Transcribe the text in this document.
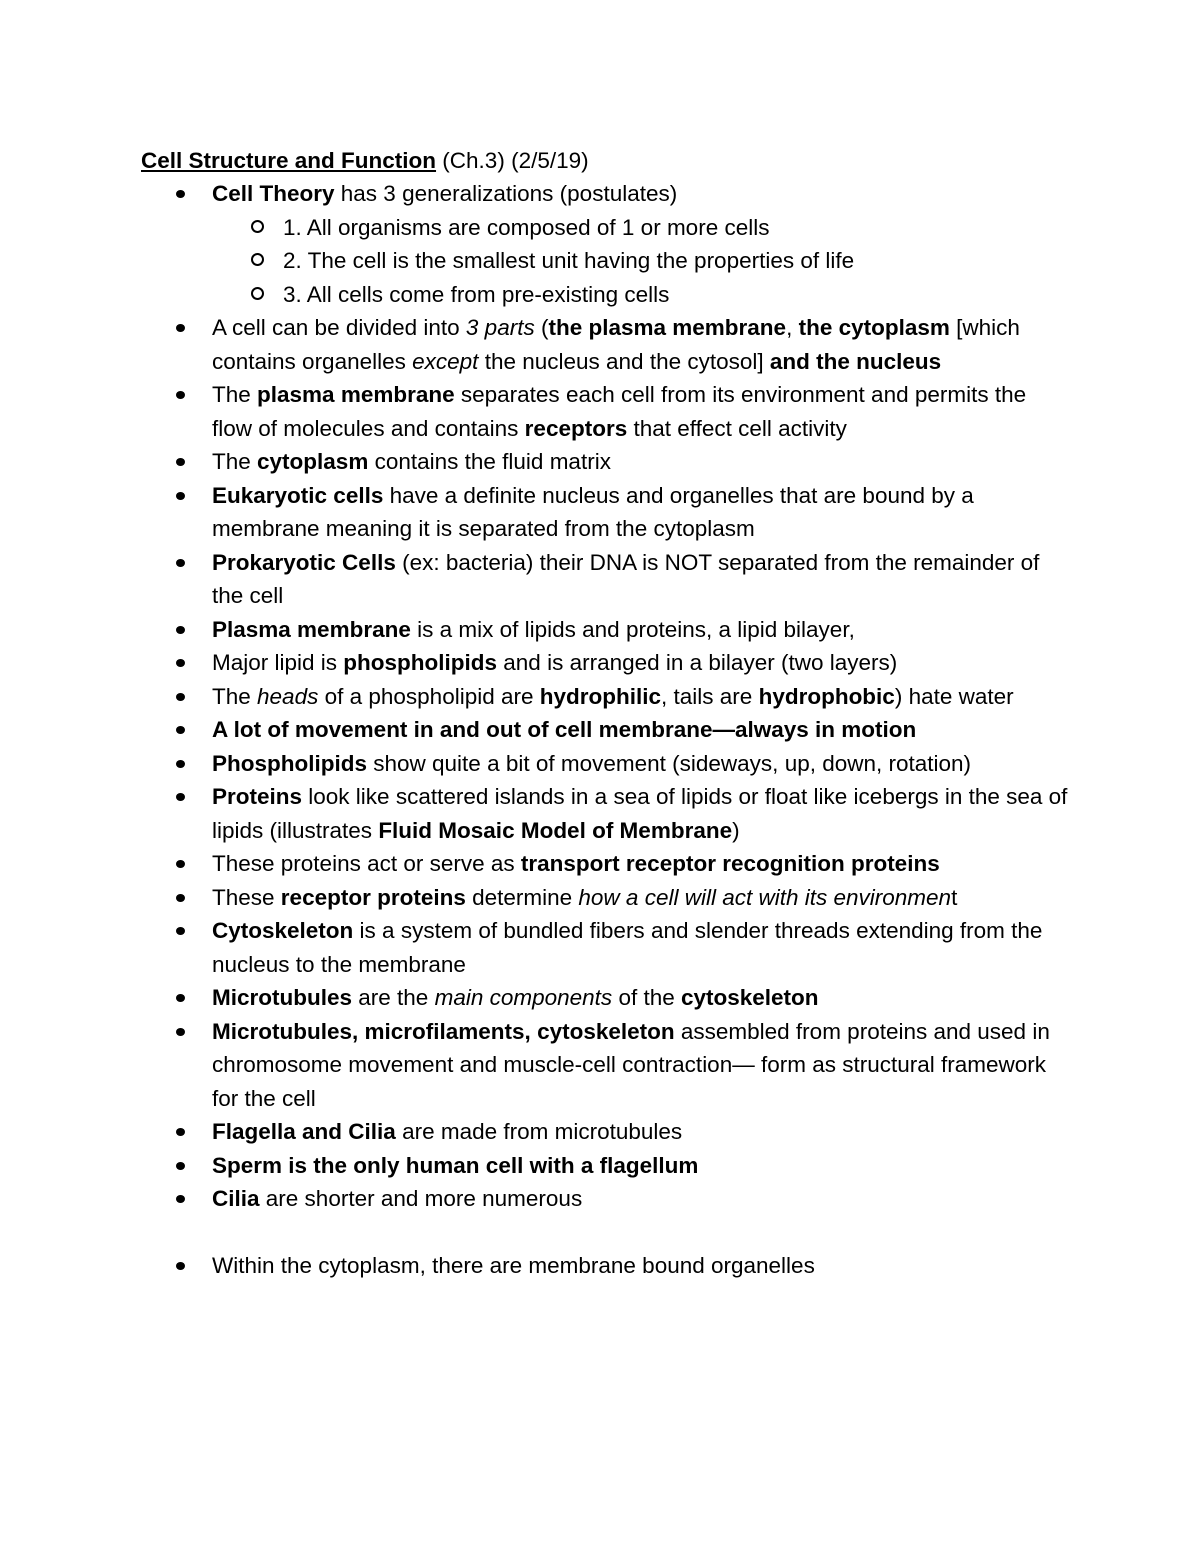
Cell Structure and Function (Ch.3) (2/5/19)
Cell Theory has 3 generalizations (postulates)
1. All organisms are composed of 1 or more cells
2. The cell is the smallest unit having the properties of life
3. All cells come from pre-existing cells
A cell can be divided into 3 parts (the plasma membrane, the cytoplasm [which contains organelles except the nucleus and the cytosol] and the nucleus
The plasma membrane separates each cell from its environment and permits the flow of molecules and contains receptors that effect cell activity
The cytoplasm contains the fluid matrix
Eukaryotic cells have a definite nucleus and organelles that are bound by a membrane meaning it is separated from the cytoplasm
Prokaryotic Cells (ex: bacteria) their DNA is NOT separated from the remainder of the cell
Plasma membrane is a mix of lipids and proteins, a lipid bilayer,
Major lipid is phospholipids and is arranged in a bilayer (two layers)
The heads of a phospholipid are hydrophilic, tails are hydrophobic) hate water
A lot of movement in and out of cell membrane—always in motion
Phospholipids show quite a bit of movement (sideways, up, down, rotation)
Proteins look like scattered islands in a sea of lipids or float like icebergs in the sea of lipids (illustrates Fluid Mosaic Model of Membrane)
These proteins act or serve as transport receptor recognition proteins
These receptor proteins determine how a cell will act with its environment
Cytoskeleton is a system of bundled fibers and slender threads extending from the nucleus to the membrane
Microtubules are the main components of the cytoskeleton
Microtubules, microfilaments, cytoskeleton assembled from proteins and used in chromosome movement and muscle-cell contraction— form as structural framework for the cell
Flagella and Cilia are made from microtubules
Sperm is the only human cell with a flagellum
Cilia are shorter and more numerous
Within the cytoplasm, there are membrane bound organelles
